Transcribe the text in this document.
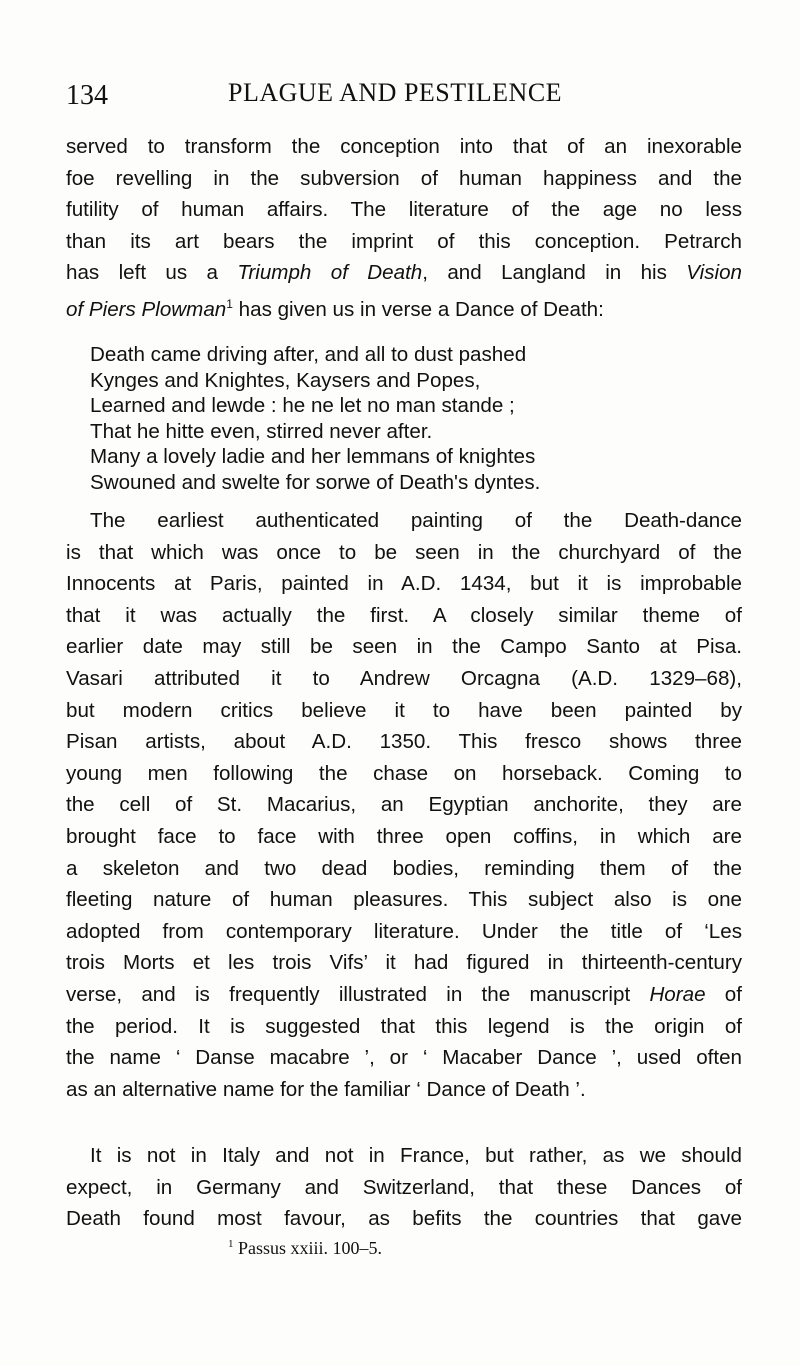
134	PLAGUE AND PESTILENCE
served to transform the conception into that of an inexorable
foe revelling in the subversion of human happiness and the
futility of human affairs. The literature of the age no less
than its art bears the imprint of this conception. Petrarch
has left us a Triumph of Death, and Langland in his Vision
of Piers Plowman$^1$ has given us in verse a Dance of Death:
Death came driving after, and all to dust pashed
Kynges and Knightes, Kaysers and Popes,
Learned and lewde : he ne let no man stande ;
That he hitte even, stirred never after.
Many a lovely ladie and her lemmans of knightes
Swouned and swelte for sorwe of Death's dyntes.
The earliest authenticated painting of the Death-dance
is that which was once to be seen in the churchyard of the
Innocents at Paris, painted in A.D. 1434, but it is improbable
that it was actually the first. A closely similar theme of
earlier date may still be seen in the Campo Santo at Pisa.
Vasari attributed it to Andrew Orcagna (A.D. 1329–68),
but modern critics believe it to have been painted by
Pisan artists, about A.D. 1350. This fresco shows three
young men following the chase on horseback. Coming to
the cell of St. Macarius, an Egyptian anchorite, they are
brought face to face with three open coffins, in which are
a skeleton and two dead bodies, reminding them of the
fleeting nature of human pleasures. This subject also is one
adopted from contemporary literature. Under the title of ‘Les
trois Morts et les trois Vifs’ it had figured in thirteenth-century
verse, and is frequently illustrated in the manuscript Horae of
the period. It is suggested that this legend is the origin of
the name ‘ Danse macabre ’, or ‘ Macaber Dance ’, used often
as an alternative name for the familiar ‘ Dance of Death ’.
It is not in Italy and not in France, but rather, as we should
expect, in Germany and Switzerland, that these Dances of
Death found most favour, as befits the countries that gave
$^1$ Passus xxiii. 100–5.
